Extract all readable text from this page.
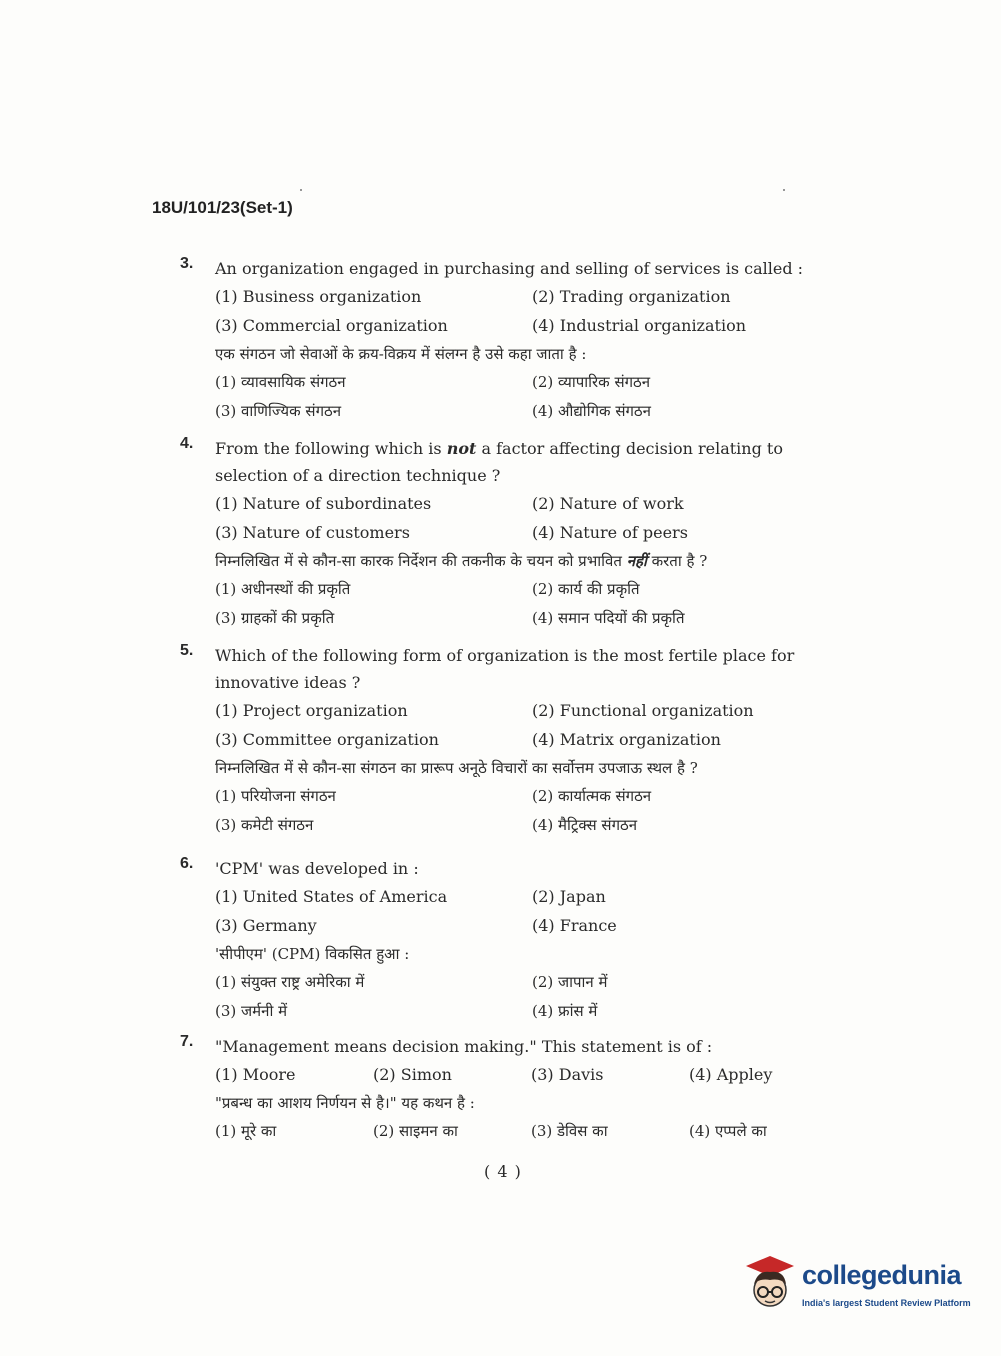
18U/101/23(Set-1)
3. An organization engaged in purchasing and selling of services is called :
(1) Business organization	(2) Trading organization
(3) Commercial organization	(4) Industrial organization
एक संगठन जो सेवाओं के क्रय-विक्रय में संलग्न है उसे कहा जाता है :
(1) व्यावसायिक संगठन	(2) व्यापारिक संगठन
(3) वाणिज्यिक संगठन	(4) औद्योगिक संगठन
4. From the following which is not a factor affecting decision relating to selection of a direction technique ?
(1) Nature of subordinates	(2) Nature of work
(3) Nature of customers	(4) Nature of peers
निम्नलिखित में से कौन-सा कारक निर्देशन की तकनीक के चयन को प्रभावित नहीं करता है ?
(1) अधीनस्थों की प्रकृति	(2) कार्य की प्रकृति
(3) ग्राहकों की प्रकृति	(4) समान पदियों की प्रकृति
5. Which of the following form of organization is the most fertile place for innovative ideas ?
(1) Project organization	(2) Functional organization
(3) Committee organization	(4) Matrix organization
निम्नलिखित में से कौन-सा संगठन का प्रारूप अनूठे विचारों का सर्वोत्तम उपजाऊ स्थल है ?
(1) परियोजना संगठन	(2) कार्यात्मक संगठन
(3) कमेटी संगठन	(4) मैट्रिक्स संगठन
6. 'CPM' was developed in :
(1) United States of America	(2) Japan
(3) Germany	(4) France
'सीपीएम' (CPM) विकसित हुआ :
(1) संयुक्त राष्ट्र अमेरिका में	(2) जापान में
(3) जर्मनी में	(4) फ्रांस में
7. "Management means decision making." This statement is of :
(1) Moore	(2) Simon	(3) Davis	(4) Appley
"प्रबन्ध का आशय निर्णयन से है।" यह कथन है :
(1) मूरे का	(2) साइमन का	(3) डेविस का	(4) एप्पले का
( 4 )
collegedunia
India's largest Student Review Platform
